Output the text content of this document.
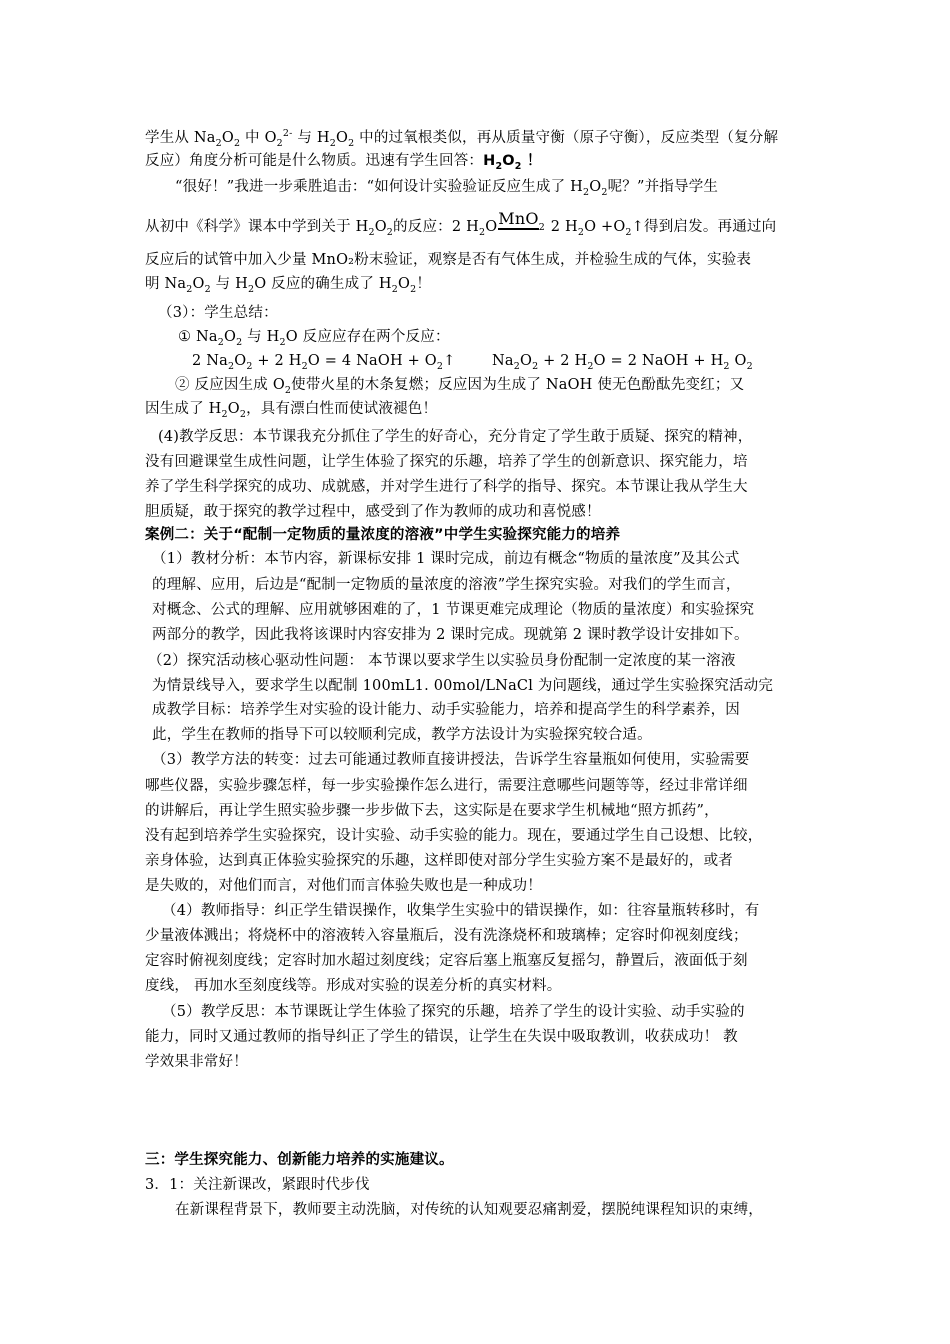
学生从 $Na_2O_2$ 中 $O_2^{2-}$ 与 $H_2O_2$ 中的过氧根类似，再从质量守衡（原子守衡），反应类型（复分解
反应）角度分析可能是什么物质。迅速有学生回答：$H_2O_2$ ！
“很好！”我进一步乘胜追击：“如何设计实验验证反应生成了 $H_2O_2$呢？”并指导学生
从初中《科学》课本中学到关于 $H_2O_2$的反应：2 $H_2OMnO2$ 2 $H_2O$ $+O_2↑$得到启发。再通过向
反应后的试管中加入少量 MnO₂粉末验证，观察是否有气体生成，并检验生成的气体，实验表
明 $Na_2O_2$ 与 $H_2O$ 反应的确生成了 $H_2O_2$！
（3）：学生总结：
① $Na_2O_2$ 与 $H_2O$ 反应应存在两个反应：
2 $Na_2O_2 + 2$ $H_2O = 4$ NaOH + $O_2↑$	$Na_2O_2 + 2$ $H_2O = 2$ NaOH + $H_2$ $O_2$
② 反应因生成 $O_2$使带火星的木条复燃；反应因为生成了 NaOH 使无色酚酞先变红；又
因生成了 $H_2O_2$，具有漂白性而使试液褪色！
(4)教学反思：本节课我充分抓住了学生的好奇心，充分肯定了学生敢于质疑、探究的精神，
没有回避课堂生成性问题，让学生体验了探究的乐趣，培养了学生的创新意识、探究能力，培
养了学生科学探究的成功、成就感，并对学生进行了科学的指导、探究。本节课让我从学生大
胆质疑，敢于探究的教学过程中，感受到了作为教师的成功和喜悦感！
案例二：关于“配制一定物质的量浓度的溶液”中学生实验探究能力的培养
（1）教材分析：本节内容，新课标安排 1 课时完成，前边有概念“物质的量浓度”及其公式
的理解、应用，后边是“配制一定物质的量浓度的溶液”学生探究实验。对我们的学生而言，
对概念、公式的理解、应用就够困难的了，1 节课更难完成理论（物质的量浓度）和实验探究
两部分的教学，因此我将该课时内容安排为 2 课时完成。现就第 2 课时教学设计安排如下。
（2）探究活动核心驱动性问题： 本节课以要求学生以实验员身份配制一定浓度的某一溶液
为情景线导入，要求学生以配制 100mL1. 00mol/LNaCl 为问题线，通过学生实验探究活动完
成教学目标：培养学生对实验的设计能力、动手实验能力，培养和提高学生的科学素养，因
此，学生在教师的指导下可以较顺利完成，教学方法设计为实验探究较合适。
（3）教学方法的转变：过去可能通过教师直接讲授法，告诉学生容量瓶如何使用，实验需要
哪些仪器，实验步骤怎样，每一步实验操作怎么进行，需要注意哪些问题等等，经过非常详细
的讲解后，再让学生照实验步骤一步步做下去，这实际是在要求学生机械地“照方抓药”，
没有起到培养学生实验探究，设计实验、动手实验的能力。现在，要通过学生自己设想、比较，
亲身体验，达到真正体验实验探究的乐趣，这样即使对部分学生实验方案不是最好的，或者
是失败的，对他们而言，对他们而言体验失败也是一种成功！
（4）教师指导：纠正学生错误操作，收集学生实验中的错误操作，如：往容量瓶转移时，有
少量液体溅出；将烧杯中的溶液转入容量瓶后，没有洗涤烧杯和玻璃棒；定容时仰视刻度线；
定容时俯视刻度线；定容时加水超过刻度线；定容后塞上瓶塞反复摇匀，静置后，液面低于刻
度线， 再加水至刻度线等。形成对实验的误差分析的真实材料。
（5）教学反思：本节课既让学生体验了探究的乐趣，培养了学生的设计实验、动手实验的
能力，同时又通过教师的指导纠正了学生的错误，让学生在失误中吸取教训，收获成功！ 教
学效果非常好！
三：学生探究能力、创新能力培养的实施建议。
3．1：关注新课改，紧跟时代步伐
在新课程背景下，教师要主动洗脑，对传统的认知观要忍痛割爱，摆脱纯课程知识的束缚，
